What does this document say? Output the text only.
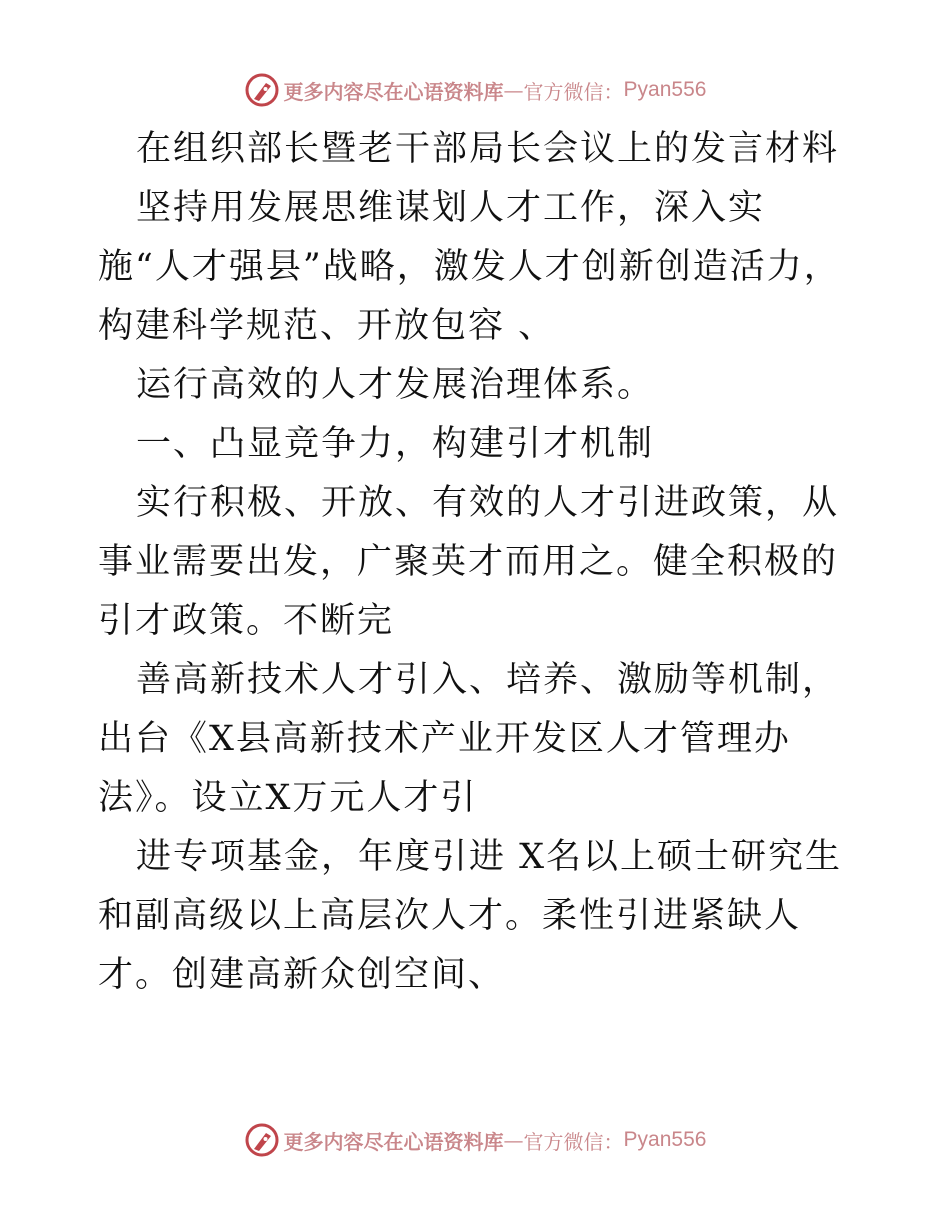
更多内容尽在心语资料库 — 官方微信： Pyan556

在组织部长暨老干部局长会议上的发言材料

坚持用发展思维谋划人才工作，深入实施“人才强县”战略，激发人才创新创造活力，构建科学规范、开放包容 、

运行高效的人才发展治理体系。

一、凸显竞争力，构建引才机制

实行积极、开放、有效的人才引进政策，从事业需要出发，广聚英才而用之。健全积极的引才政策。不断完

善高新技术人才引入、培养、激励等机制，出台《X县高新技术产业开发区人才管理办法》。设立X万元人才引

进专项基金，年度引进 X名以上硕士研究生和副高级以上高层次人才。柔性引进紧缺人才。创建高新众创空间、

更多内容尽在心语资料库 — 官方微信： Pyan556
